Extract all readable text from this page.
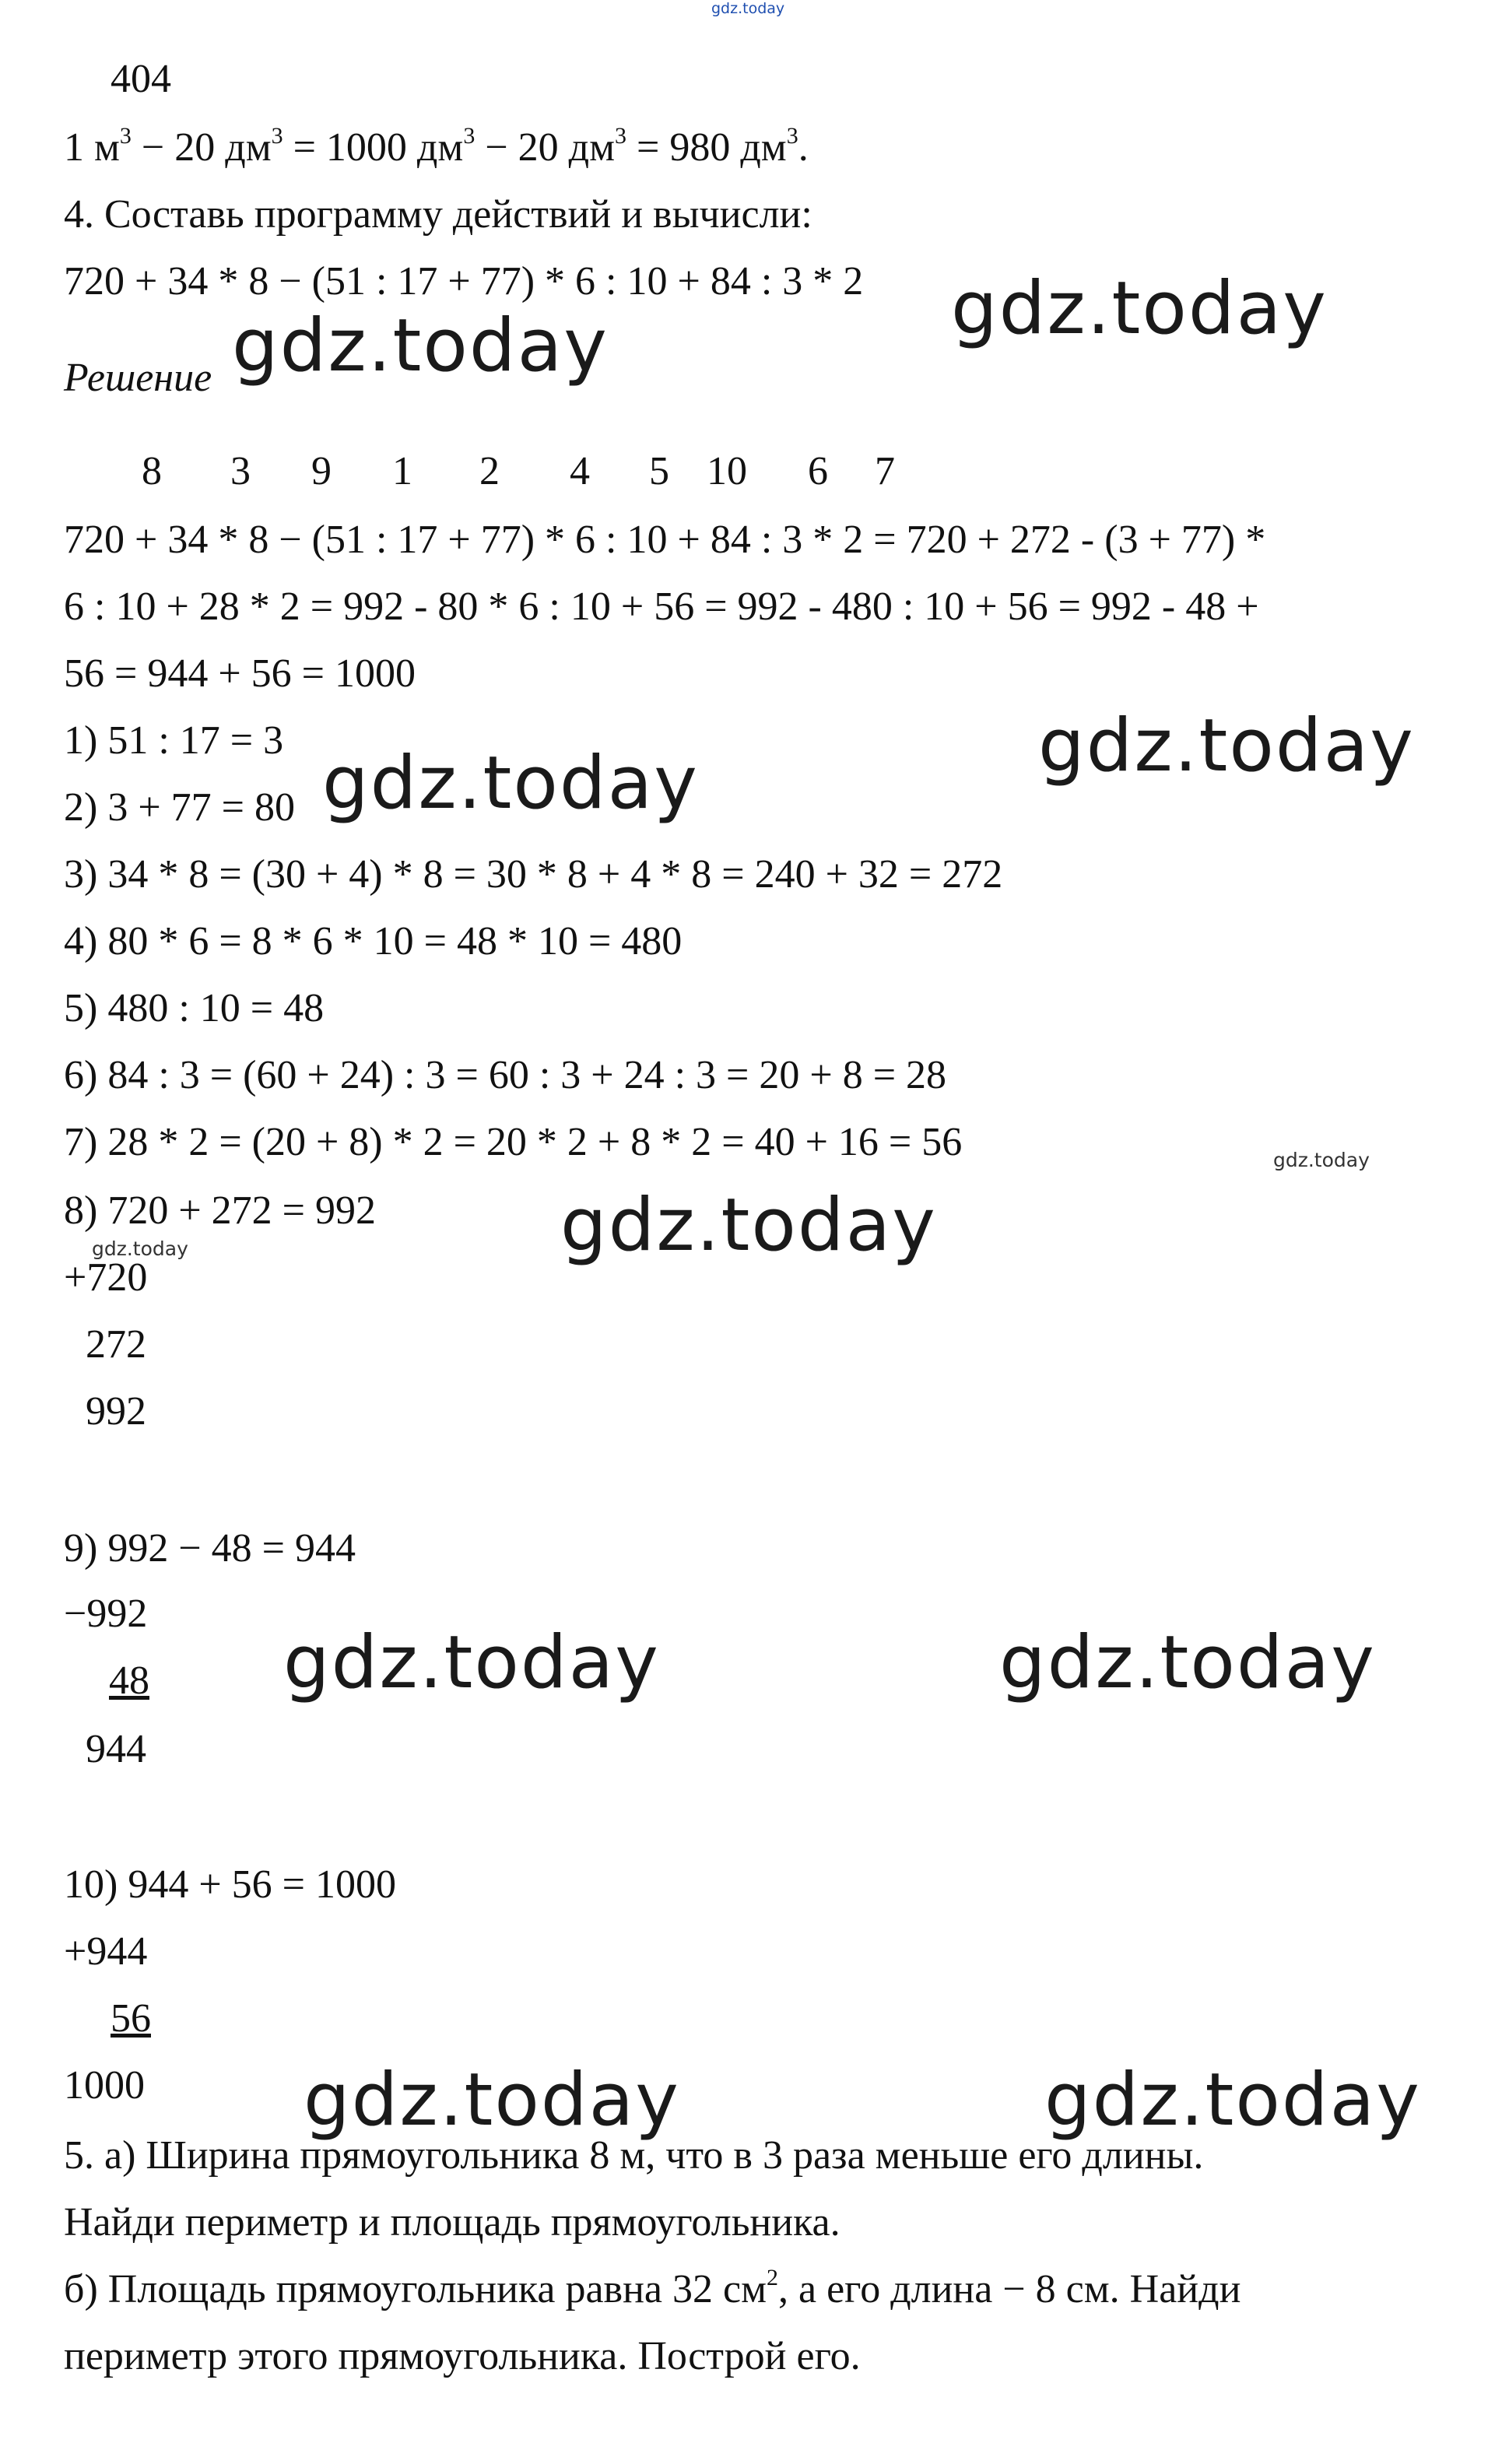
gdz.today
404
1 $м^3 - 20$ $дм^3 = 1000$ $дм^3 - 20$ $дм^3 = 980$ $дм^3$.
4. Составь программу действий и вычисли:
720 + 34 * 8 − (51 : 17 + 77) * 6 : 10 + 84 : 3 * 2
Решение
8 3 9 1 2 4 5 10 6 7
720 + 34 * 8 − (51 : 17 + 77) * 6 : 10 + 84 : 3 * 2 = 720 + 272 - (3 + 77) *
6 : 10 + 28 * 2 = 992 - 80 * 6 : 10 + 56 = 992 - 480 : 10 + 56 = 992 - 48 +
56 = 944 + 56 = 1000
1) 51 : 17 = 3
2) 3 + 77 = 80
3) 34 * 8 = (30 + 4) * 8 = 30 * 8 + 4 * 8 = 240 + 32 = 272
4) 80 * 6 = 8 * 6 * 10 = 48 * 10 = 480
5) 480 : 10 = 48
6) 84 : 3 = (60 + 24) : 3 = 60 : 3 + 24 : 3 = 20 + 8 = 28
7) 28 * 2 = (20 + 8) * 2 = 20 * 2 + 8 * 2 = 40 + 16 = 56
8) 720 + 272 = 992
+720
272
992
9) 992 − 48 = 944
−992
48
944
10) 944 + 56 = 1000
+944
56
1000
5. а) Ширина прямоугольника 8 м, что в 3 раза меньше его длины.
Найди периметр и площадь прямоугольника.
б) Площадь прямоугольника равна 32 $см^2$, а его длина − 8 см. Найди
периметр этого прямоугольника. Построй его.
gdz.today
gdz.today
gdz.today
gdz.today
gdz.today
gdz.today	gdz.today
gdz.today	gdz.today
gdz.today
gdz.today
